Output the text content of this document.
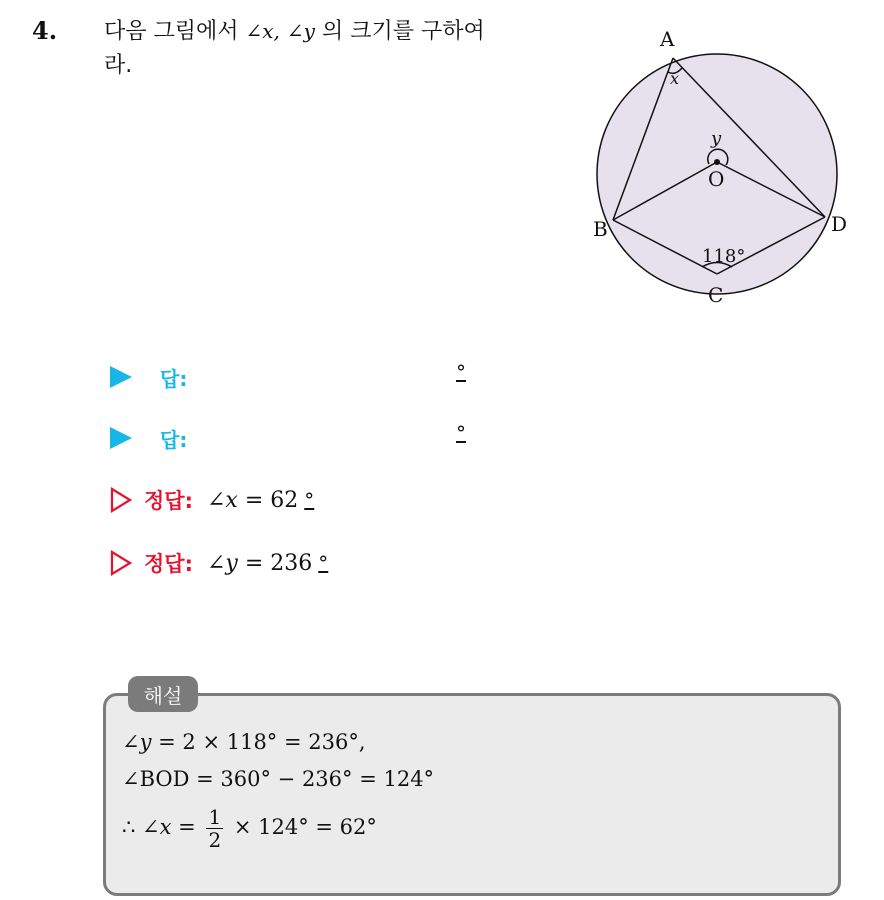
4. 다음 그림에서 ∠x, ∠y 의 크기를 구하여
라.
A
x
y
O
B	D
118°
C
답:	°
답:	°
정답: ∠x = 62 °
정답: ∠y = 236 °
해설
∠y = 2 × 118° = 236°,
∠BOD = 360° − 236° = 124°
∴ ∠x = $\frac{1}{2} \times 124^\circ = 62^\circ$
